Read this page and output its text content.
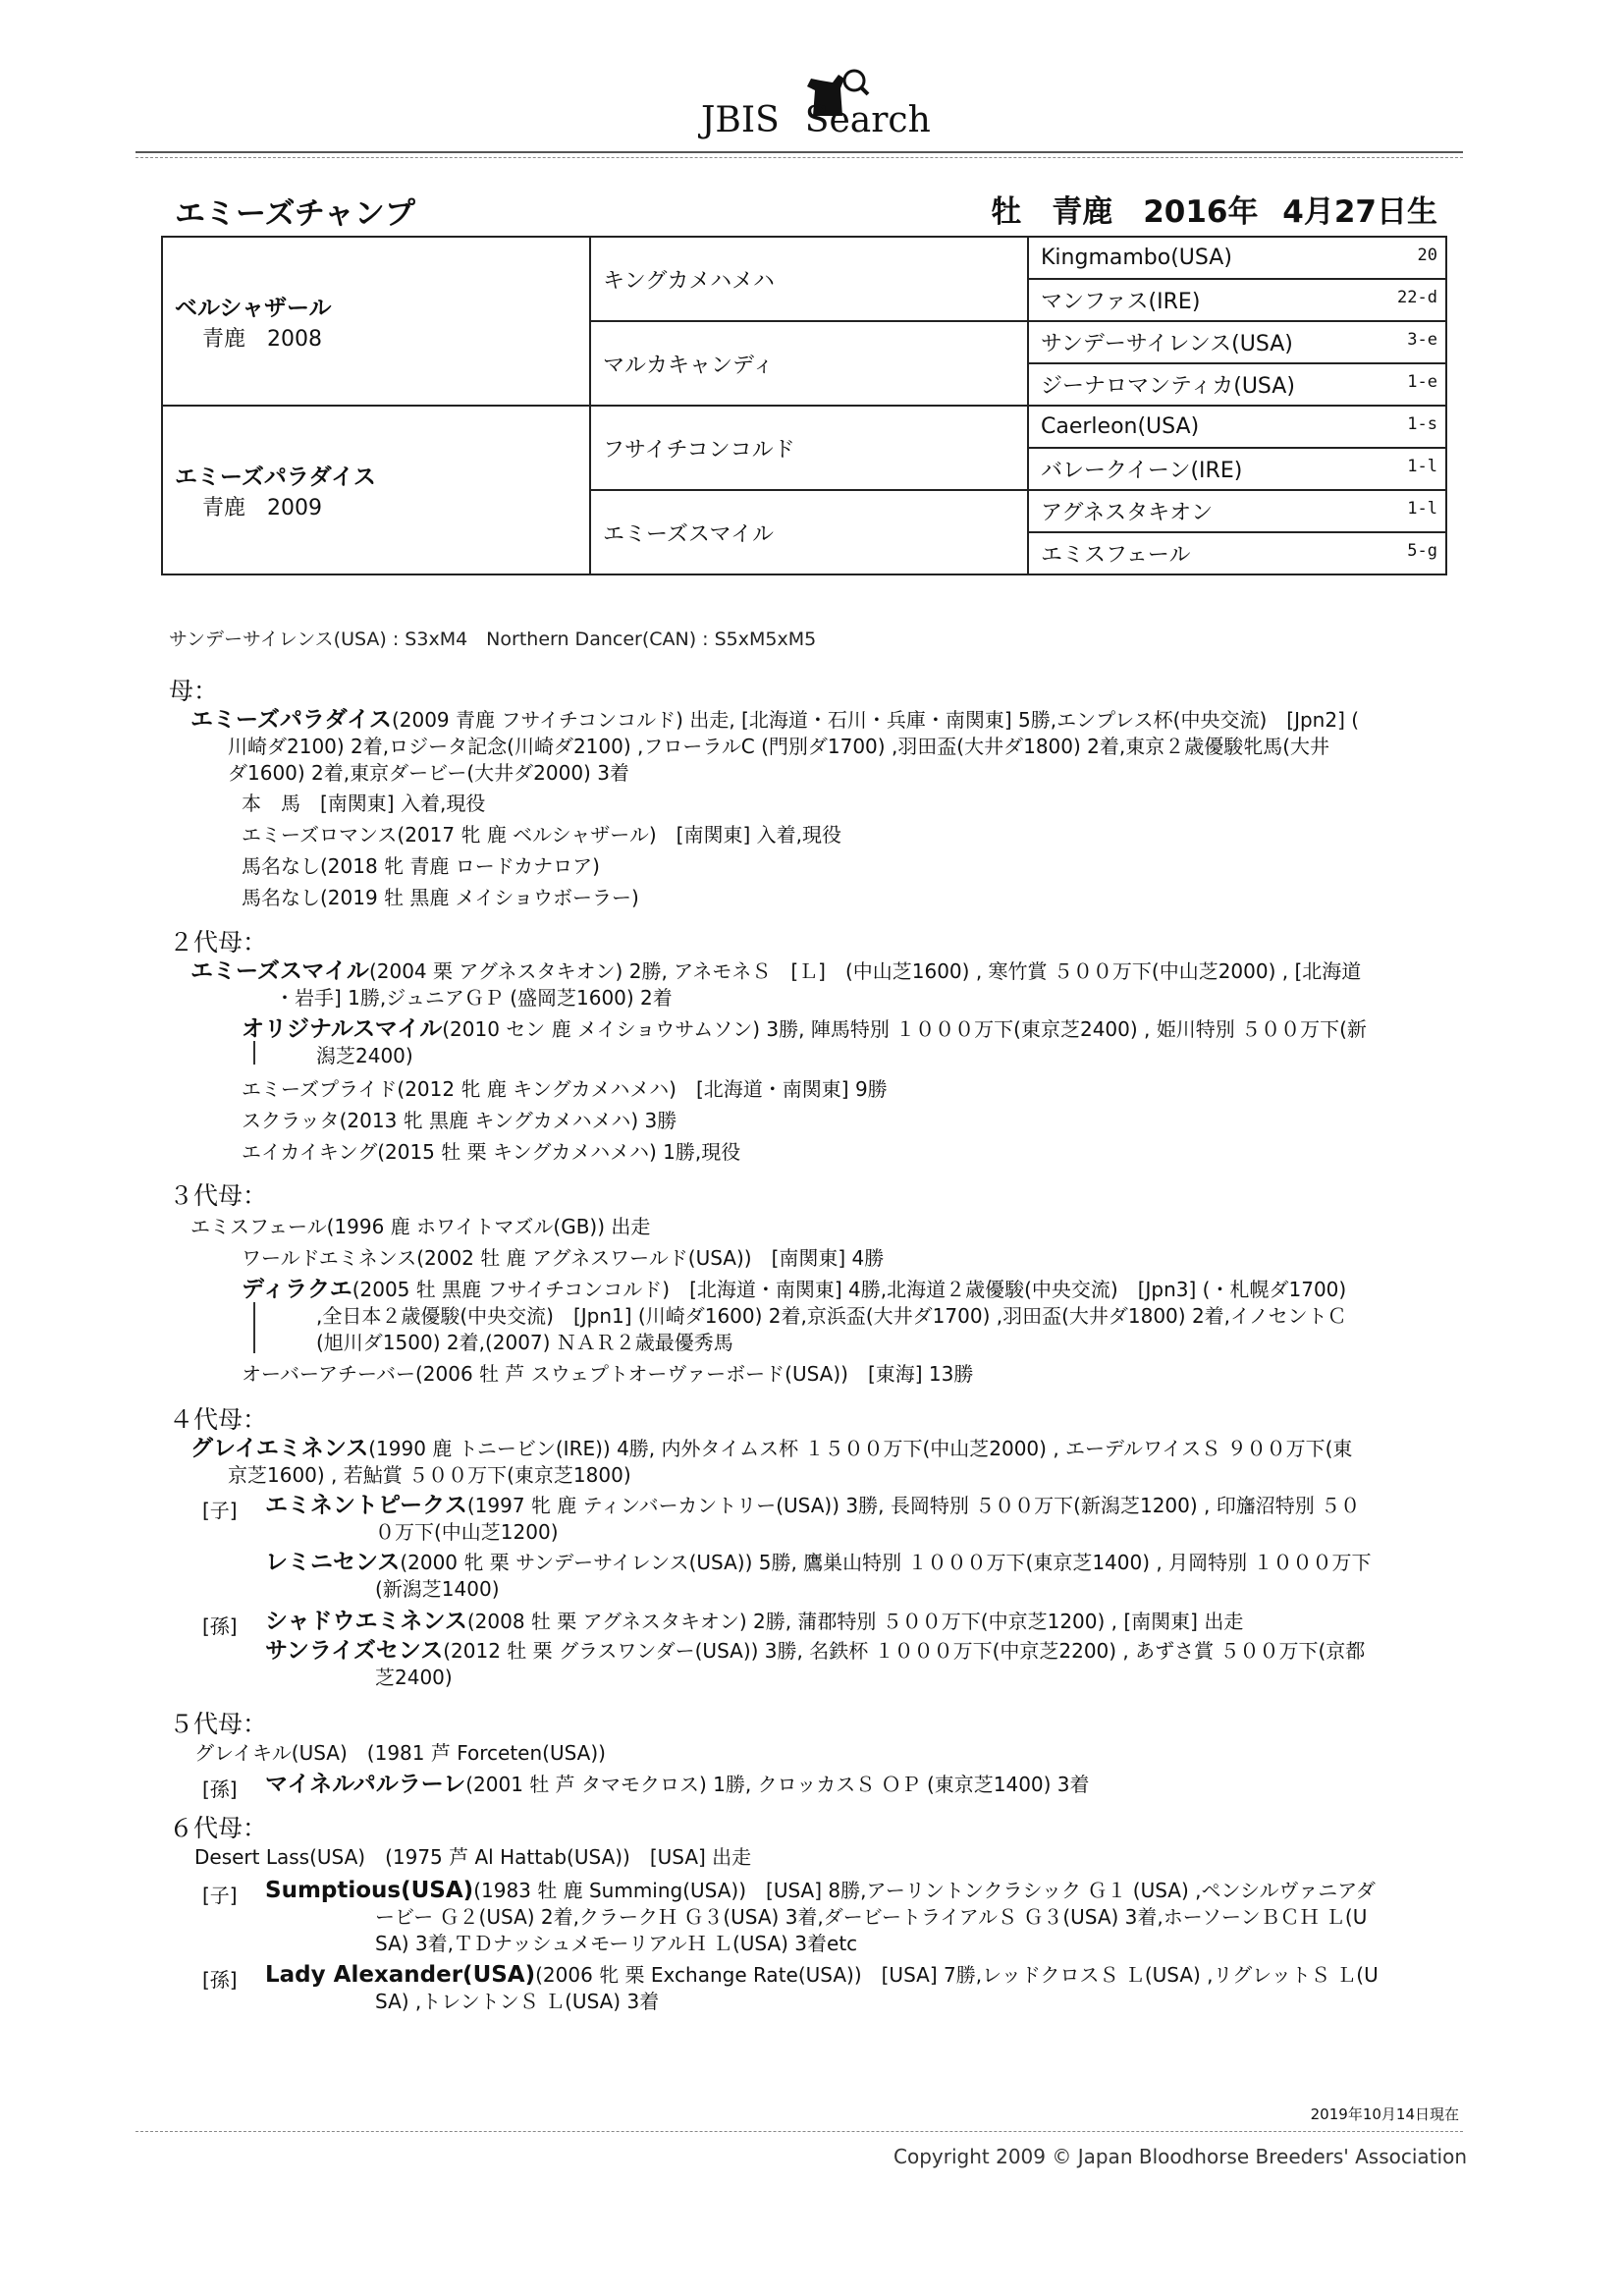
JBIS Search
エミーズチャンプ	牡　青鹿　2016年 4月27日生
ベルシャザール
青鹿　2008	キングカメハメハ	Kingmambo(USA) 20

		マンファス(IRE) 22-d

	マルカキャンディ	サンデーサイレンス(USA) 3-e

		ジーナロマンティカ(USA) 1-e

エミーズパラダイス
青鹿　2009	フサイチコンコルド	Caerleon(USA) 1-s

		バレークイーン(IRE) 1-l

	エミーズスマイル	アグネスタキオン 1-l

		エミスフェール 5-g
サンデーサイレンス(USA) : S3xM4　Northern Dancer(CAN) : S5xM5xM5
母：
エミーズパラダイス(2009 青鹿 フサイチコンコルド) 出走, [北海道・石川・兵庫・南関東] 5勝,エンプレス杯(中央交流)　[Jpn2] (
川崎ダ2100) 2着,ロジータ記念(川崎ダ2100) ,フローラルC (門別ダ1700) ,羽田盃(大井ダ1800) 2着,東京２歳優駿牝馬(大井
ダ1600) 2着,東京ダービー(大井ダ2000) 3着
本　馬　[南関東] 入着,現役
エミーズロマンス(2017 牝 鹿 ベルシャザール)　[南関東] 入着,現役
馬名なし(2018 牝 青鹿 ロードカナロア)
馬名なし(2019 牡 黒鹿 メイショウボーラー)
２代母：
エミーズスマイル(2004 栗 アグネスタキオン) 2勝, アネモネＳ　[Ｌ]　(中山芝1600) , 寒竹賞 ５００万下(中山芝2000) , [北海道
・岩手] 1勝,ジュニアＧＰ (盛岡芝1600) 2着
オリジナルスマイル(2010 セン 鹿 メイショウサムソン) 3勝, 陣馬特別 １０００万下(東京芝2400) , 姫川特別 ５００万下(新
潟芝2400)
エミーズプライド(2012 牝 鹿 キングカメハメハ)　[北海道・南関東] 9勝
スクラッタ(2013 牝 黒鹿 キングカメハメハ) 3勝
エイカイキング(2015 牡 栗 キングカメハメハ) 1勝,現役
３代母：
エミスフェール(1996 鹿 ホワイトマズル(GB)) 出走
ワールドエミネンス(2002 牡 鹿 アグネスワールド(USA))　[南関東] 4勝
ディラクエ(2005 牡 黒鹿 フサイチコンコルド)　[北海道・南関東] 4勝,北海道２歳優駿(中央交流)　[Jpn3] (・札幌ダ1700)
,全日本２歳優駿(中央交流)　[Jpn1] (川崎ダ1600) 2着,京浜盃(大井ダ1700) ,羽田盃(大井ダ1800) 2着,イノセントＣ
(旭川ダ1500) 2着,(2007) ＮＡＲ２歳最優秀馬
オーバーアチーバー(2006 牡 芦 スウェプトオーヴァーボード(USA))　[東海] 13勝
４代母：
グレイエミネンス(1990 鹿 トニービン(IRE)) 4勝, 内外タイムス杯 １５００万下(中山芝2000) , エーデルワイスＳ ９００万下(東
京芝1600) , 若鮎賞 ５００万下(東京芝1800)
[子] エミネントピークス(1997 牝 鹿 ティンバーカントリー(USA)) 3勝, 長岡特別 ５００万下(新潟芝1200) , 印旛沼特別 ５０
０万下(中山芝1200)
レミニセンス(2000 牝 栗 サンデーサイレンス(USA)) 5勝, 鷹巣山特別 １０００万下(東京芝1400) , 月岡特別 １０００万下
(新潟芝1400)
[孫] シャドウエミネンス(2008 牡 栗 アグネスタキオン) 2勝, 蒲郡特別 ５００万下(中京芝1200) , [南関東] 出走
サンライズセンス(2012 牡 栗 グラスワンダー(USA)) 3勝, 名鉄杯 １０００万下(中京芝2200) , あずさ賞 ５００万下(京都
芝2400)
５代母：
グレイキル(USA)　(1981 芦 Forceten(USA))
[孫] マイネルパルラーレ(2001 牡 芦 タマモクロス) 1勝, クロッカスＳ ＯＰ (東京芝1400) 3着
６代母：
Desert Lass(USA)　(1975 芦 Al Hattab(USA))　[USA] 出走
[子] Sumptious(USA)(1983 牡 鹿 Summing(USA))　[USA] 8勝,アーリントンクラシック Ｇ１ (USA) ,ペンシルヴァニアダ
ービー Ｇ２(USA) 2着,クラークＨ Ｇ３(USA) 3着,ダービートライアルＳ Ｇ３(USA) 3着,ホーソーンＢＣＨ Ｌ(U
SA) 3着,ＴＤナッシュメモーリアルＨ Ｌ(USA) 3着etc
[孫] Lady Alexander(USA)(2006 牝 栗 Exchange Rate(USA))　[USA] 7勝,レッドクロスＳ Ｌ(USA) ,リグレットＳ Ｌ(U
SA) ,トレントンＳ Ｌ(USA) 3着
2019年10月14日現在
Copyright 2009 © Japan Bloodhorse Breeders' Association
